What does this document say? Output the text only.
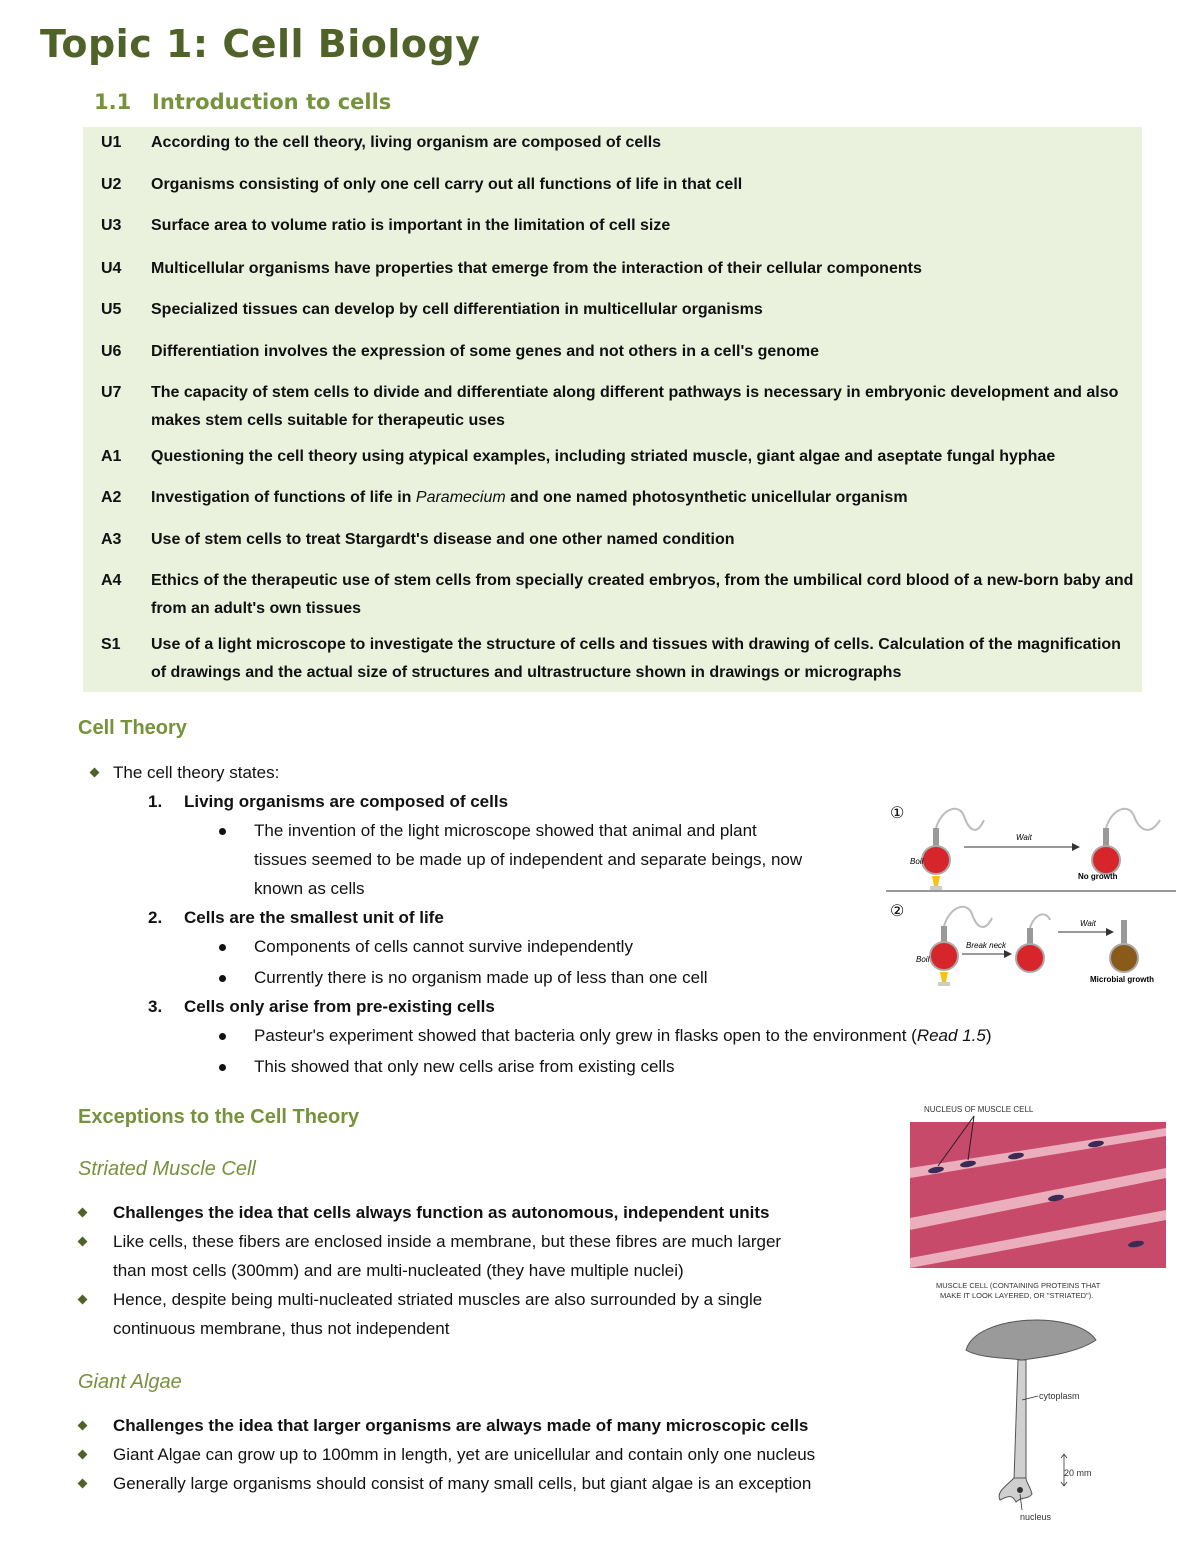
Topic 1: Cell Biology
1.1 Introduction to cells
U1	According to the cell theory, living organism are composed of cells
U2	Organisms consisting of only one cell carry out all functions of life in that cell
U3	Surface area to volume ratio is important in the limitation of cell size
U4	Multicellular organisms have properties that emerge from the interaction of their cellular components
U5	Specialized tissues can develop by cell differentiation in multicellular organisms
U6	Differentiation involves the expression of some genes and not others in a cell's genome
U7	The capacity of stem cells to divide and differentiate along different pathways is necessary in embryonic development and also makes stem cells suitable for therapeutic uses
A1	Questioning the cell theory using atypical examples, including striated muscle, giant algae and aseptate fungal hyphae
A2	Investigation of functions of life in Paramecium and one named photosynthetic unicellular organism
A3	Use of stem cells to treat Stargardt's disease and one other named condition
A4	Ethics of the therapeutic use of stem cells from specially created embryos, from the umbilical cord blood of a new-born baby and from an adult's own tissues
S1	Use of a light microscope to investigate the structure of cells and tissues with drawing of cells. Calculation of the magnification of drawings and the actual size of structures and ultrastructure shown in drawings or micrographs
Cell Theory
The cell theory states:
1. Living organisms are composed of cells
The invention of the light microscope showed that animal and plant
tissues seemed to be made up of independent and separate beings, now
known as cells
2. Cells are the smallest unit of life
Components of cells cannot survive independently
Currently there is no organism made up of less than one cell
3. Cells only arise from pre-existing cells
Pasteur's experiment showed that bacteria only grew in flasks open to the environment (Read 1.5)
This showed that only new cells arise from existing cells
①
Boil
Wait
No growth
②
Boil
Break neck
Wait
Microbial growth
Exceptions to the Cell Theory
Striated Muscle Cell
Challenges the idea that cells always function as autonomous, independent units
Like cells, these fibers are enclosed inside a membrane, but these fibres are much larger
than most cells (300mm) and are multi-nucleated (they have multiple nuclei)
Hence, despite being multi-nucleated striated muscles are also surrounded by a single
continuous membrane, thus not independent
Giant Algae
Challenges the idea that larger organisms are always made of many microscopic cells
Giant Algae can grow up to 100mm in length, yet are unicellular and contain only one nucleus
Generally large organisms should consist of many small cells, but giant algae is an exception
NUCLEUS OF MUSCLE CELL
MUSCLE CELL (CONTAINING PROTEINS THAT
MAKE IT LOOK LAYERED, OR "STRIATED").
cytoplasm
20 mm
nucleus
